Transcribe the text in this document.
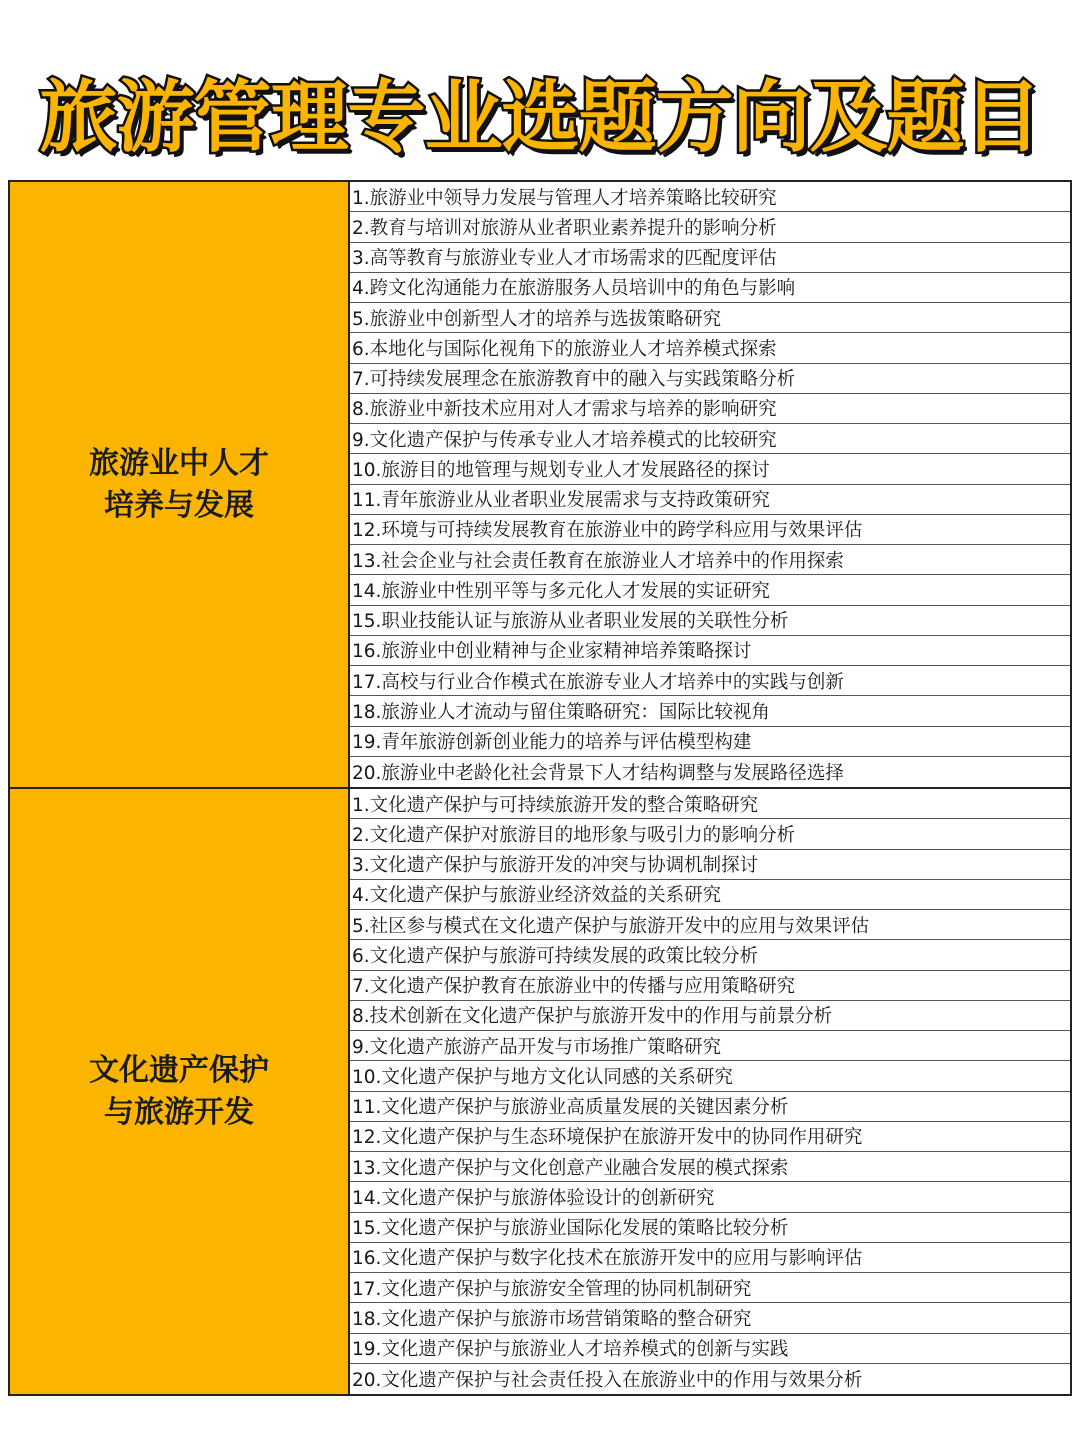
旅游管理专业选题方向及题目
旅游业中人才
培养与发展
1.旅游业中领导力发展与管理人才培养策略比较研究
2.教育与培训对旅游从业者职业素养提升的影响分析
3.高等教育与旅游业专业人才市场需求的匹配度评估
4.跨文化沟通能力在旅游服务人员培训中的角色与影响
5.旅游业中创新型人才的培养与选拔策略研究
6.本地化与国际化视角下的旅游业人才培养模式探索
7.可持续发展理念在旅游教育中的融入与实践策略分析
8.旅游业中新技术应用对人才需求与培养的影响研究
9.文化遗产保护与传承专业人才培养模式的比较研究
10.旅游目的地管理与规划专业人才发展路径的探讨
11.青年旅游业从业者职业发展需求与支持政策研究
12.环境与可持续发展教育在旅游业中的跨学科应用与效果评估
13.社会企业与社会责任教育在旅游业人才培养中的作用探索
14.旅游业中性别平等与多元化人才发展的实证研究
15.职业技能认证与旅游从业者职业发展的关联性分析
16.旅游业中创业精神与企业家精神培养策略探讨
17.高校与行业合作模式在旅游专业人才培养中的实践与创新
18.旅游业人才流动与留住策略研究：国际比较视角
19.青年旅游创新创业能力的培养与评估模型构建
20.旅游业中老龄化社会背景下人才结构调整与发展路径选择
文化遗产保护
与旅游开发
1.文化遗产保护与可持续旅游开发的整合策略研究
2.文化遗产保护对旅游目的地形象与吸引力的影响分析
3.文化遗产保护与旅游开发的冲突与协调机制探讨
4.文化遗产保护与旅游业经济效益的关系研究
5.社区参与模式在文化遗产保护与旅游开发中的应用与效果评估
6.文化遗产保护与旅游可持续发展的政策比较分析
7.文化遗产保护教育在旅游业中的传播与应用策略研究
8.技术创新在文化遗产保护与旅游开发中的作用与前景分析
9.文化遗产旅游产品开发与市场推广策略研究
10.文化遗产保护与地方文化认同感的关系研究
11.文化遗产保护与旅游业高质量发展的关键因素分析
12.文化遗产保护与生态环境保护在旅游开发中的协同作用研究
13.文化遗产保护与文化创意产业融合发展的模式探索
14.文化遗产保护与旅游体验设计的创新研究
15.文化遗产保护与旅游业国际化发展的策略比较分析
16.文化遗产保护与数字化技术在旅游开发中的应用与影响评估
17.文化遗产保护与旅游安全管理的协同机制研究
18.文化遗产保护与旅游市场营销策略的整合研究
19.文化遗产保护与旅游业人才培养模式的创新与实践
20.文化遗产保护与社会责任投入在旅游业中的作用与效果分析
